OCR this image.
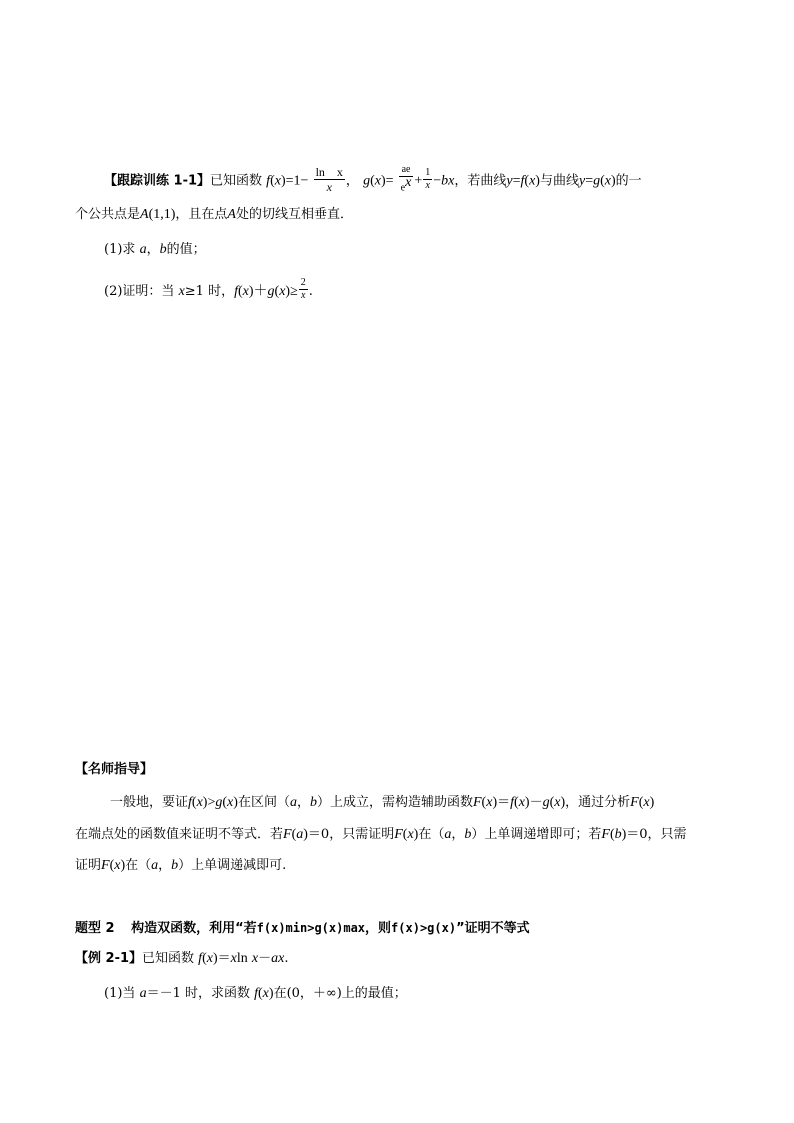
【跟踪训练 1-1】已知函数 $f(x)=1- \frac{\text{ln　x}}{x}$ ， $g(x)= \frac{ae}{e^x} + \frac{1}{x} -bx$，若曲线y=f(x)与曲线y=g(x)的一
个公共点是A(1,1)，且在点A处的切线互相垂直．
(1)求 a，b的值；
(2)证明：当 x≥1 时，$f(x)+g(x)\ge \frac{2}{x}$ .
【名师指导】
一般地，要证f(x)>g(x)在区间（a，b）上成立，需构造辅助函数F(x)＝f(x)－g(x)，通过分析F(x)
在端点处的函数值来证明不等式．若F(a)＝0，只需证明F(x)在（a，b）上单调递增即可；若F(b)＝0，只需
证明F(x)在（a，b）上单调递减即可.
题型 2 构造双函数，利用“若f(x)min>g(x)max，则f(x)>g(x)”证明不等式
【例 2-1】已知函数 f(x)＝xln x－ax.
(1)当 a＝－1 时，求函数 f(x)在(0，＋∞)上的最值；
